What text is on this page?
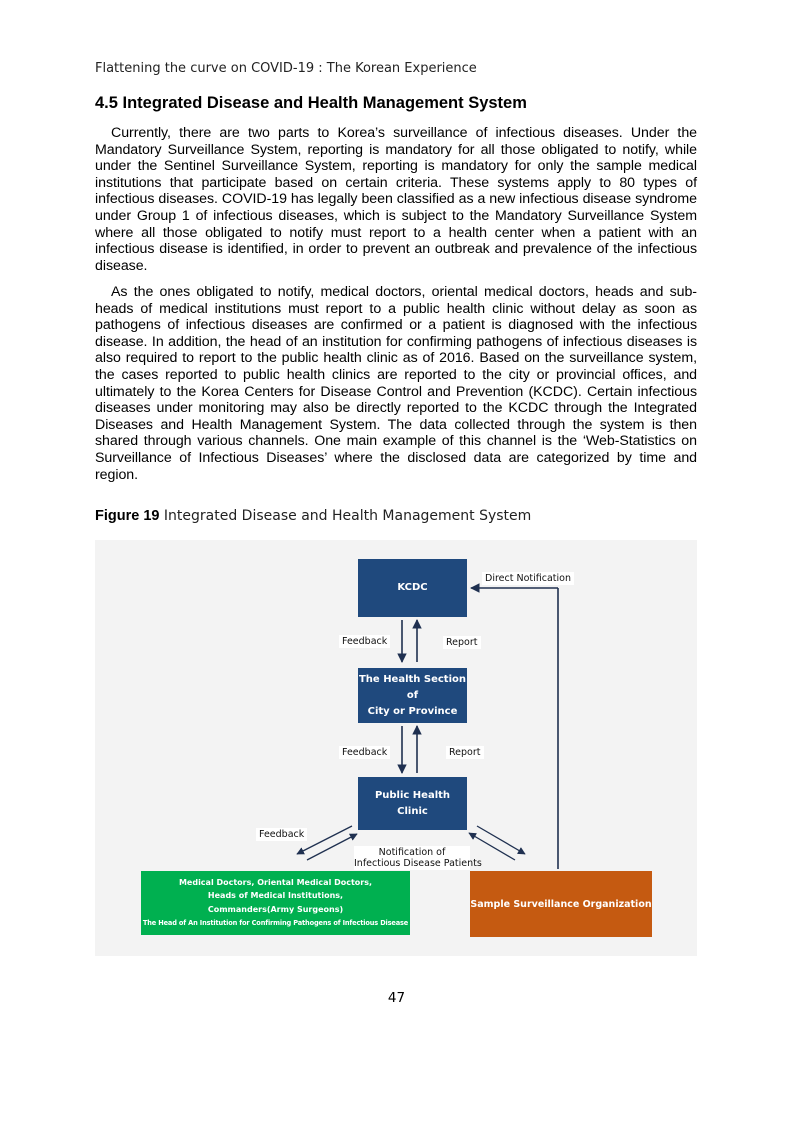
Flattening the curve on COVID-19 : The Korean Experience
4.5 Integrated Disease and Health Management System

Currently, there are two parts to Korea’s surveillance of infectious diseases. Under the Mandatory Surveillance System, reporting is mandatory for all those obligated to notify, while under the Sentinel Surveillance System, reporting is mandatory for only the sample medical institutions that participate based on certain criteria. These systems apply to 80 types of infectious diseases. COVID-19 has legally been classified as a new infectious disease syndrome under Group 1 of infectious diseases, which is subject to the Mandatory Surveillance System where all those obligated to notify must report to a health center when a patient with an infectious disease is identified, in order to prevent an outbreak and prevalence of the infectious disease.

As the ones obligated to notify, medical doctors, oriental medical doctors, heads and sub-heads of medical institutions must report to a public health clinic without delay as soon as pathogens of infectious diseases are confirmed or a patient is diagnosed with the infectious disease. In addition, the head of an institution for confirming pathogens of infectious diseases is also required to report to the public health clinic as of 2016. Based on the surveillance system, the cases reported to public health clinics are reported to the city or provincial offices, and ultimately to the Korea Centers for Disease Control and Prevention (KCDC). Certain infectious diseases under monitoring may also be directly reported to the KCDC through the Integrated Diseases and Health Management System. The data collected through the system is then shared through various channels. One main example of this channel is the ‘Web-Statistics on Surveillance of Infectious Diseases’ where the disclosed data are categorized by time and region.

Figure 19 Integrated Disease and Health Management System

KCDC
The Health Section of
City or Province
Public Health Clinic
Medical Doctors, Oriental Medical Doctors,
Heads of Medical Institutions,
Commanders(Army Surgeons)
The Head of An Institution for Confirming Pathogens of Infectious Disease
Sample Surveillance Organization
Direct Notification
Feedback	Report
Feedback	Report
Feedback
Notification of
Infectious Disease Patients
47
